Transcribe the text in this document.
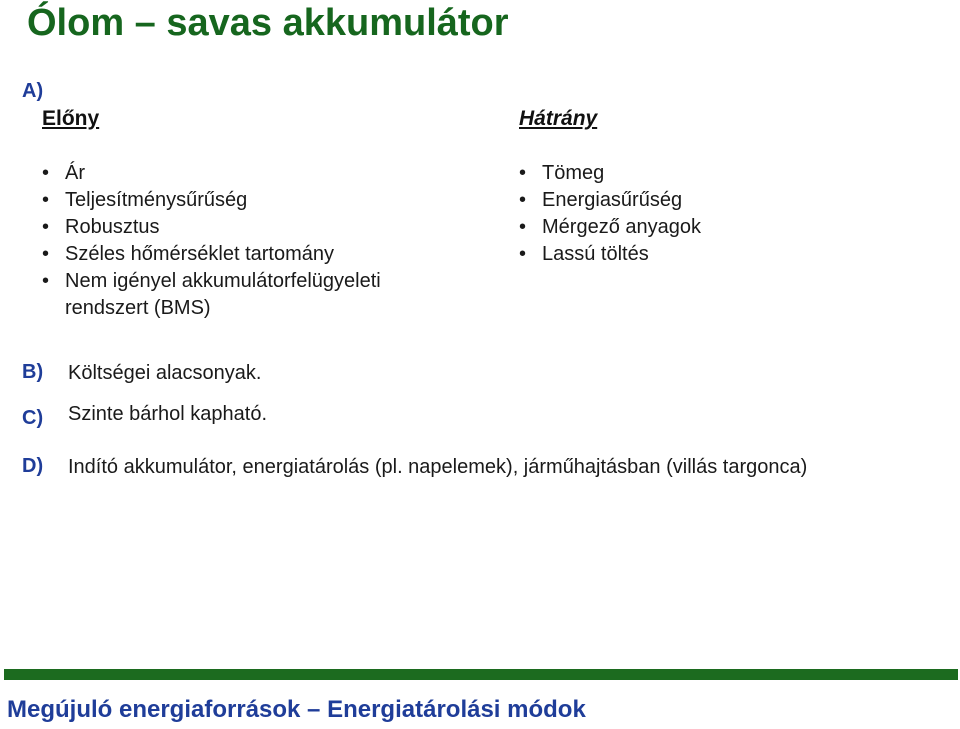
Ólom – savas akkumulátor
A)
Előny
• Ár
• Teljesítménysűrűség
• Robusztus
• Széles hőmérséklet tartomány
• Nem igényel akkumulátorfelügyeleti rendszert (BMS)
Hátrány
• Tömeg
• Energiasűrűség
• Mérgező anyagok
• Lassú töltés
B) Költségei alacsonyak.
C) Szinte bárhol kapható.
D) Indító akkumulátor, energiatárolás (pl. napelemek), járműhajtásban (villás targonca)
Megújuló energiaforrások – Energiatárolási módok
